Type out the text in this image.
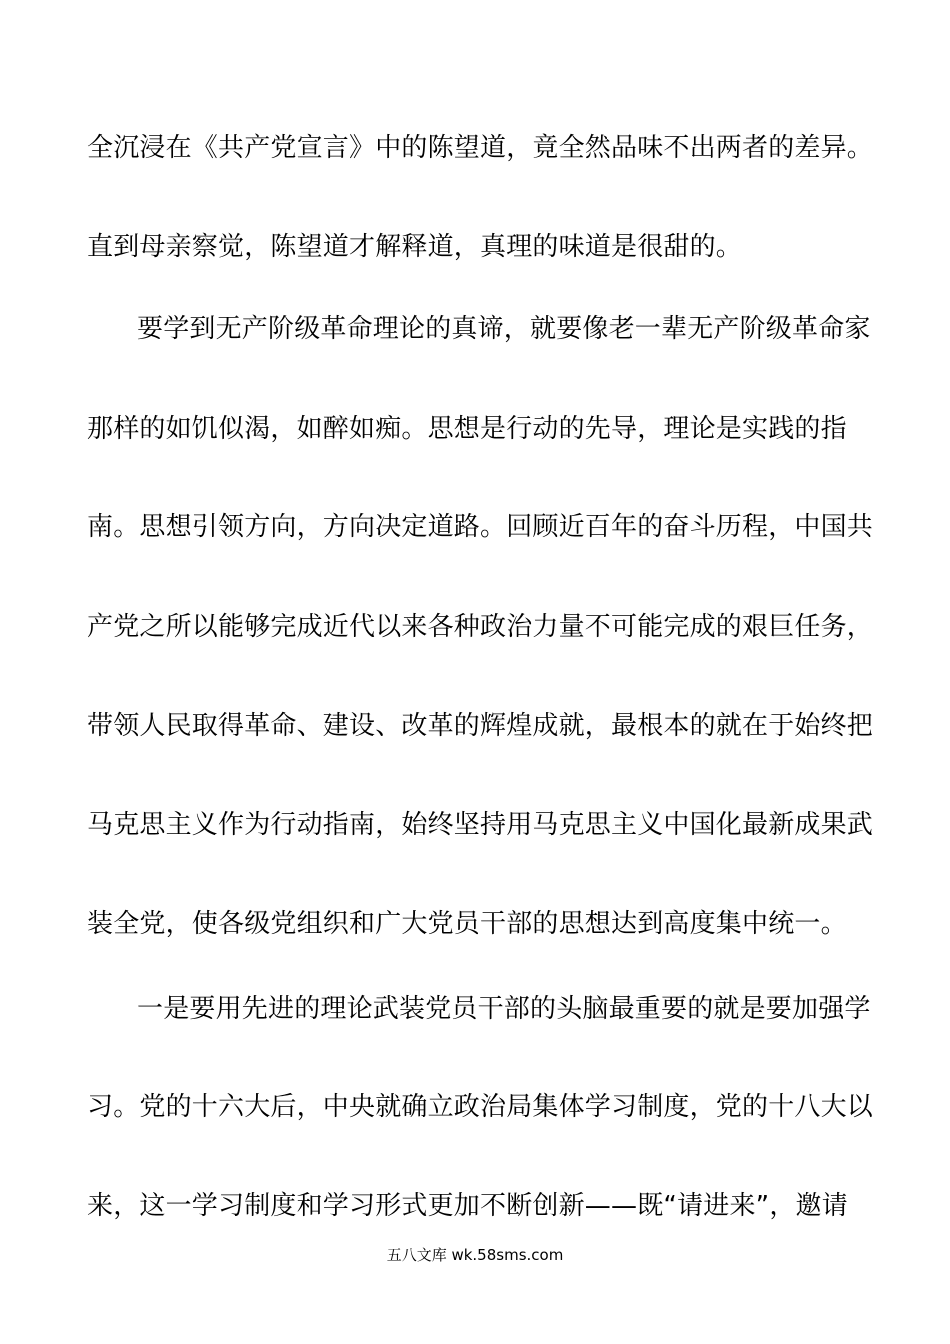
全沉浸在《共产党宣言》中的陈望道，竟全然品味不出两者的差异。
直到母亲察觉，陈望道才解释道，真理的味道是很甜的。
要学到无产阶级革命理论的真谛，就要像老一辈无产阶级革命家
那样的如饥似渴，如醉如痴。思想是行动的先导，理论是实践的指
南。思想引领方向，方向决定道路。回顾近百年的奋斗历程，中国共
产党之所以能够完成近代以来各种政治力量不可能完成的艰巨任务，
带领人民取得革命、建设、改革的辉煌成就，最根本的就在于始终把
马克思主义作为行动指南，始终坚持用马克思主义中国化最新成果武
装全党，使各级党组织和广大党员干部的思想达到高度集中统一。
一是要用先进的理论武装党员干部的头脑最重要的就是要加强学
习。党的十六大后，中央就确立政治局集体学习制度，党的十八大以
来，这一学习制度和学习形式更加不断创新——既“请进来”，邀请
五八文库 wk.58sms.com
